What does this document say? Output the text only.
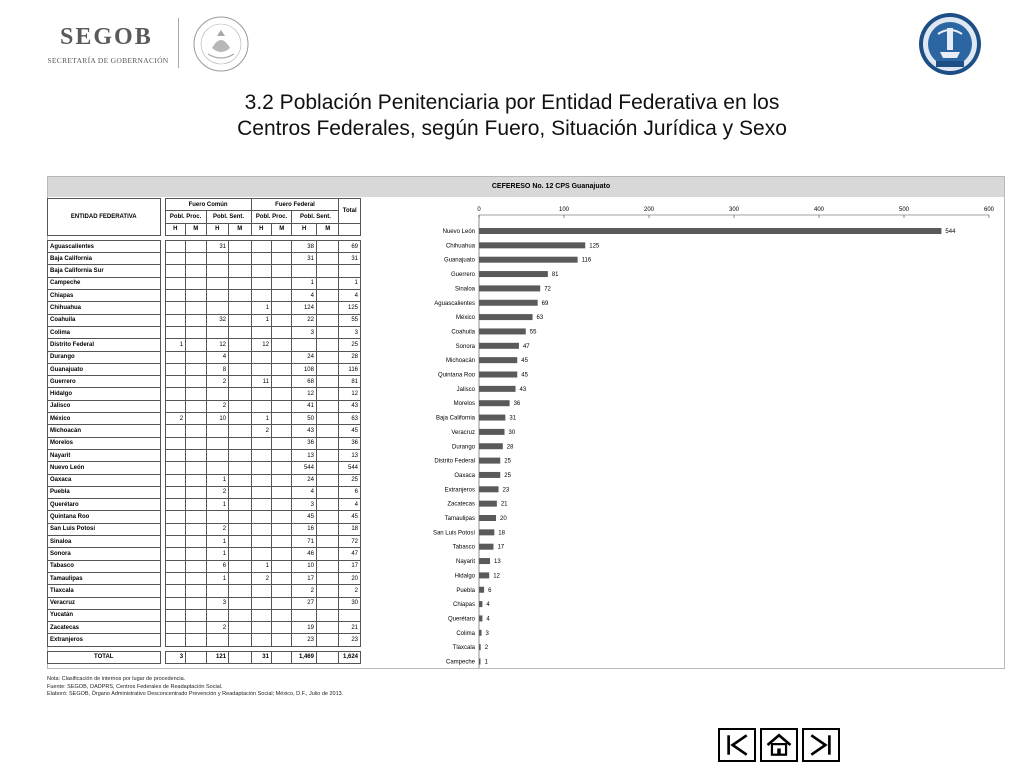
SEGOB
SECRETARÍA DE GOBERNACIÓN
3.2 Población Penitenciaria por Entidad Federativa en los
Centros Federales, según Fuero, Situación Jurídica y Sexo
CEFERESO No. 12 CPS Guanajuato
0	100	200	300	400	500	600
Nuevo León	544
Chihuahua	125
Guanajuato	116
Guerrero	81
Sinaloa	72
Aguascalientes	69
México	63
Coahuila	55
Sonora	47
Michoacán	45
Quintana Roo	45
Jalisco	43
Morelos	36
Baja California	31
Veracruz	30
Durango	28
Distrito Federal	25
Oaxaca	25
Extranjeros	23
Zacatecas	21
Tamaulipas	20
San Luis Potosí	18
Tabasco	17
Nayarit	13
Hidalgo	12
Puebla 6
Chiapas 4
Querétaro 4
Colima 3
Tlaxcala 2
Campeche 1
ENTIDAD FEDERATIVA		Fuero Común				Fuero Federal				Total
		Pobl. Proc.		Pobl. Sent.		Pobl. Proc.		Pobl. Sent.		
		H	M	H	M	H	M	H	M	

Aguascalientes				31				38		69
Baja California								31		31
Baja California Sur										
Campeche								1		1
Chiapas								4		4
Chihuahua						1		124		125
Coahuila				32		1		22		55
Colima								3		3
Distrito Federal		1		12		12				25
Durango				4				24		28
Guanajuato				8				108		116
Guerrero				2		11		68		81
Hidalgo								12		12
Jalisco				2				41		43
México		2		10		1		50		63
Michoacán						2		43		45
Morelos								36		36
Nayarit								13		13
Nuevo León								544		544
Oaxaca				1				24		25
Puebla				2				4		6
Querétaro				1				3		4
Quintana Roo								45		45
San Luis Potosí				2				16		18
Sinaloa				1				71		72
Sonora				1				46		47
Tabasco				6		1		10		17
Tamaulipas				1		2		17		20
Tlaxcala								2		2
Veracruz				3				27		30
Yucatán										
Zacatecas				2				19		21
Extranjeros								23		23

TOTAL		3		121		31		1,469		1,624
Nota: Clasificación de internos por lugar de procedencia.
Fuente: SEGOB, OADPRS, Centros Federales de Readaptación Social.
Elaboró: SEGOB, Órgano Administrativo Desconcentrado Prevención y Readaptación Social; México, D.F., Julio de 2013.
